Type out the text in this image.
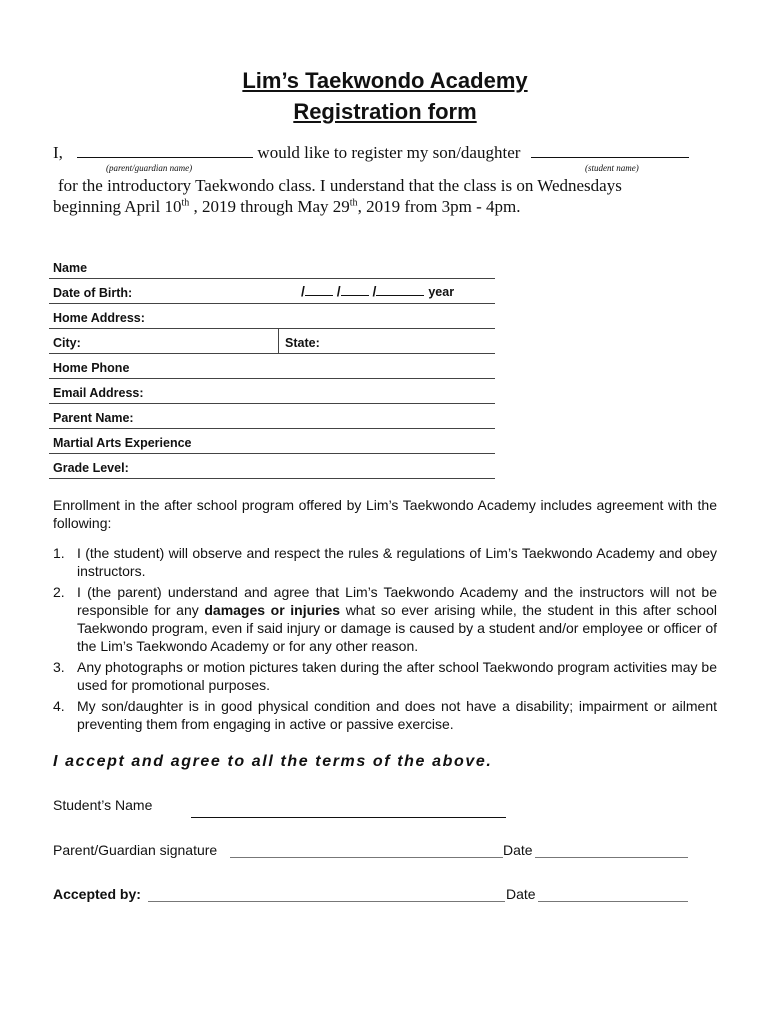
Lim’s Taekwondo Academy
Registration form
I,	would like to register my son/daughter
(parent/guardian name)	(student name)
for the introductory Taekwondo class. I understand that the class is on Wednesdays
beginning April 10th , 2019 through May 29th, 2019 from 3pm - 4pm.
Name
Date of Birth:	/ / /	year
Home Address:
City:	State:
Home Phone
Email Address:
Parent Name:
Martial Arts Experience
Grade Level:
Enrollment in the after school program offered by Lim’s Taekwondo Academy includes agreement with the following:
1. I (the student) will observe and respect the rules & regulations of Lim’s Taekwondo Academy and obey instructors.
2. I (the parent) understand and agree that Lim’s Taekwondo Academy and the instructors will not be responsible for any damages or injuries what so ever arising while, the student in this after school Taekwondo program, even if said injury or damage is caused by a student and/or employee or officer of the Lim’s Taekwondo Academy or for any other reason.
3. Any photographs or motion pictures taken during the after school Taekwondo program activities may be used for promotional purposes.
4. My son/daughter is in good physical condition and does not have a disability; impairment or ailment preventing them from engaging in active or passive exercise.
I accept and agree to all the terms of the above.
Student’s Name
Parent/Guardian signature	Date
Accepted by:	Date
